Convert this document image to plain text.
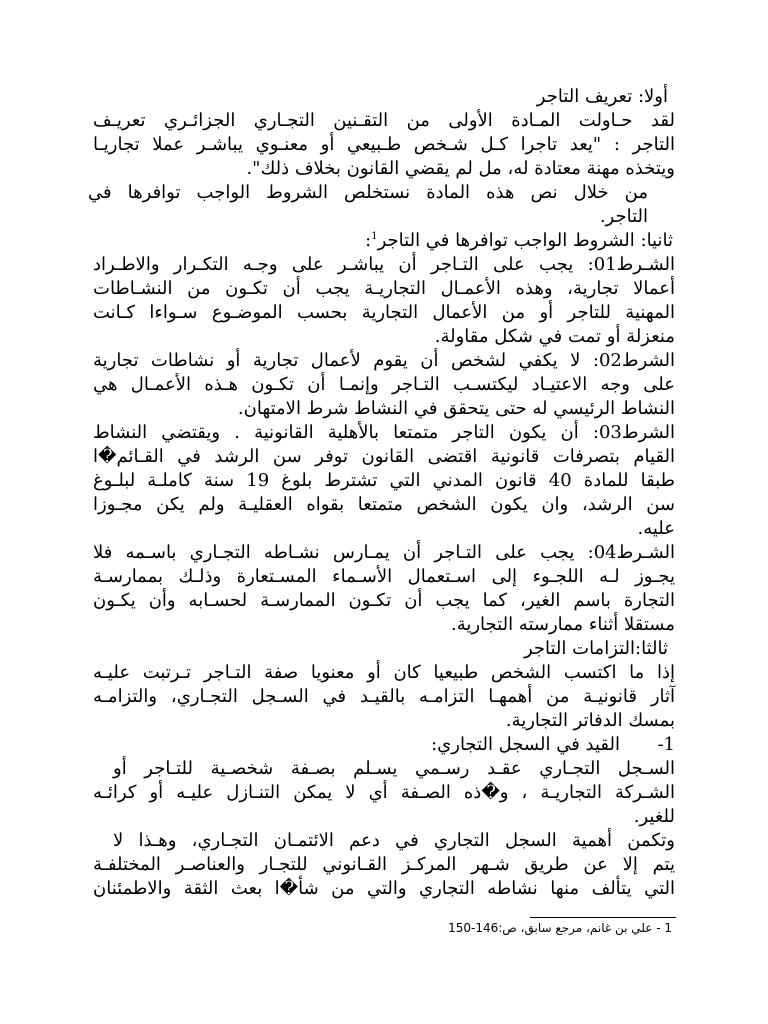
أولا: تعريف التاجر
لقد حـاولت المـادة الأولى من التقـنين التجـاري الجزائـري تعريـف
التاجر : "يعد تاجرا كـل شـخص طـبيعي أو معنـوي يباشـر عملا تجاريـا
ويتخذه مهنة معتادة له، مل لم يقضي القانون بخلاف ذلك".
من خلال نص هذه المادة نستخلص الشروط الواجب توافرها في
التاجر.
ثانيا: الشروط الواجب توافرها في التاجر$^1$:
الشـرط01: يجب على التـاجر أن يباشـر على وجـه التكـرار والاطـراد
أعمالا تجارية، وهذه الأعمـال التجاريـة يجب أن تكـون من النشـاطات
المهنية للتاجر أو من الأعمال التجارية بحسب الموضـوع سـواءا كـانت
منعزلة أو تمت في شكل مقاولة.
الشرط02: لا يكفي لشخص أن يقوم لأعمال تجارية أو نشاطات تجارية
على وجه الاعتيـاد ليكتسـب التـاجر وإنمـا أن تكـون هـذه الأعمـال هي
النشاط الرئيسي له حتى يتحقق في النشاط شرط الامتهان.
الشرط03: أن يكون التاجر متمتعا بالأهلية القانونية . ويقتضي النشاط
القيام بتصرفات قانونية اقتضى القانون توفر سن الرشد في القـائم�ا
طبقا للمادة 40 قانون المدني التي تشترط بلوغ 19 سنة كاملـة لبلـوغ
سن الرشد، وان يكون الشخص متمتعا بقواه العقليـة ولم يكن مجـوزا
عليه.
الشـرط04: يجب على التـاجر أن يمـارس نشـاطه التجـاري باسـمه فلا
يجـوز لـه اللجـوء إلى اسـتعمال الأسـماء المسـتعارة وذلـك بممارسـة
التجارة باسم الغير، كما يجب أن تكـون الممارسـة لحسـابه وأن يكـون
مستقلا أثناء ممارسته التجارية.
ثالثا:التزامات التاجر
إذا ما اكتسب الشخص طبيعيا كان أو معنويا صفة التـاجر تـرتبت عليـه
آثار قانونيـة من أهمهـا التزامـه بالقيـد في السـجل التجـاري، والتزامـه
بمسك الدفاتر التجارية.
-1
القيد في السجل التجاري:
السـجل التجـاري عقـد رسـمي يسـلم بصـفة شخصـية للتـاجر أو
الشـركة التجاريـة ، و�ذه الصـفة أي لا يمكن التنـازل عليـه أو كرائـه
للغير.
وتكمن أهمية السجل التجاري في دعم الائتمـان التجـاري، وهـذا لا
يتم إلا عن طريق شـهر المركـز القـانوني للتجـار والعناصـر المختلفـة
التي يتألف منها نشاطه التجاري والتي من شأ�ا بعث الثقة والاطمئنان
1 - علي بن غانم، مرجع سابق، ص:146-150
